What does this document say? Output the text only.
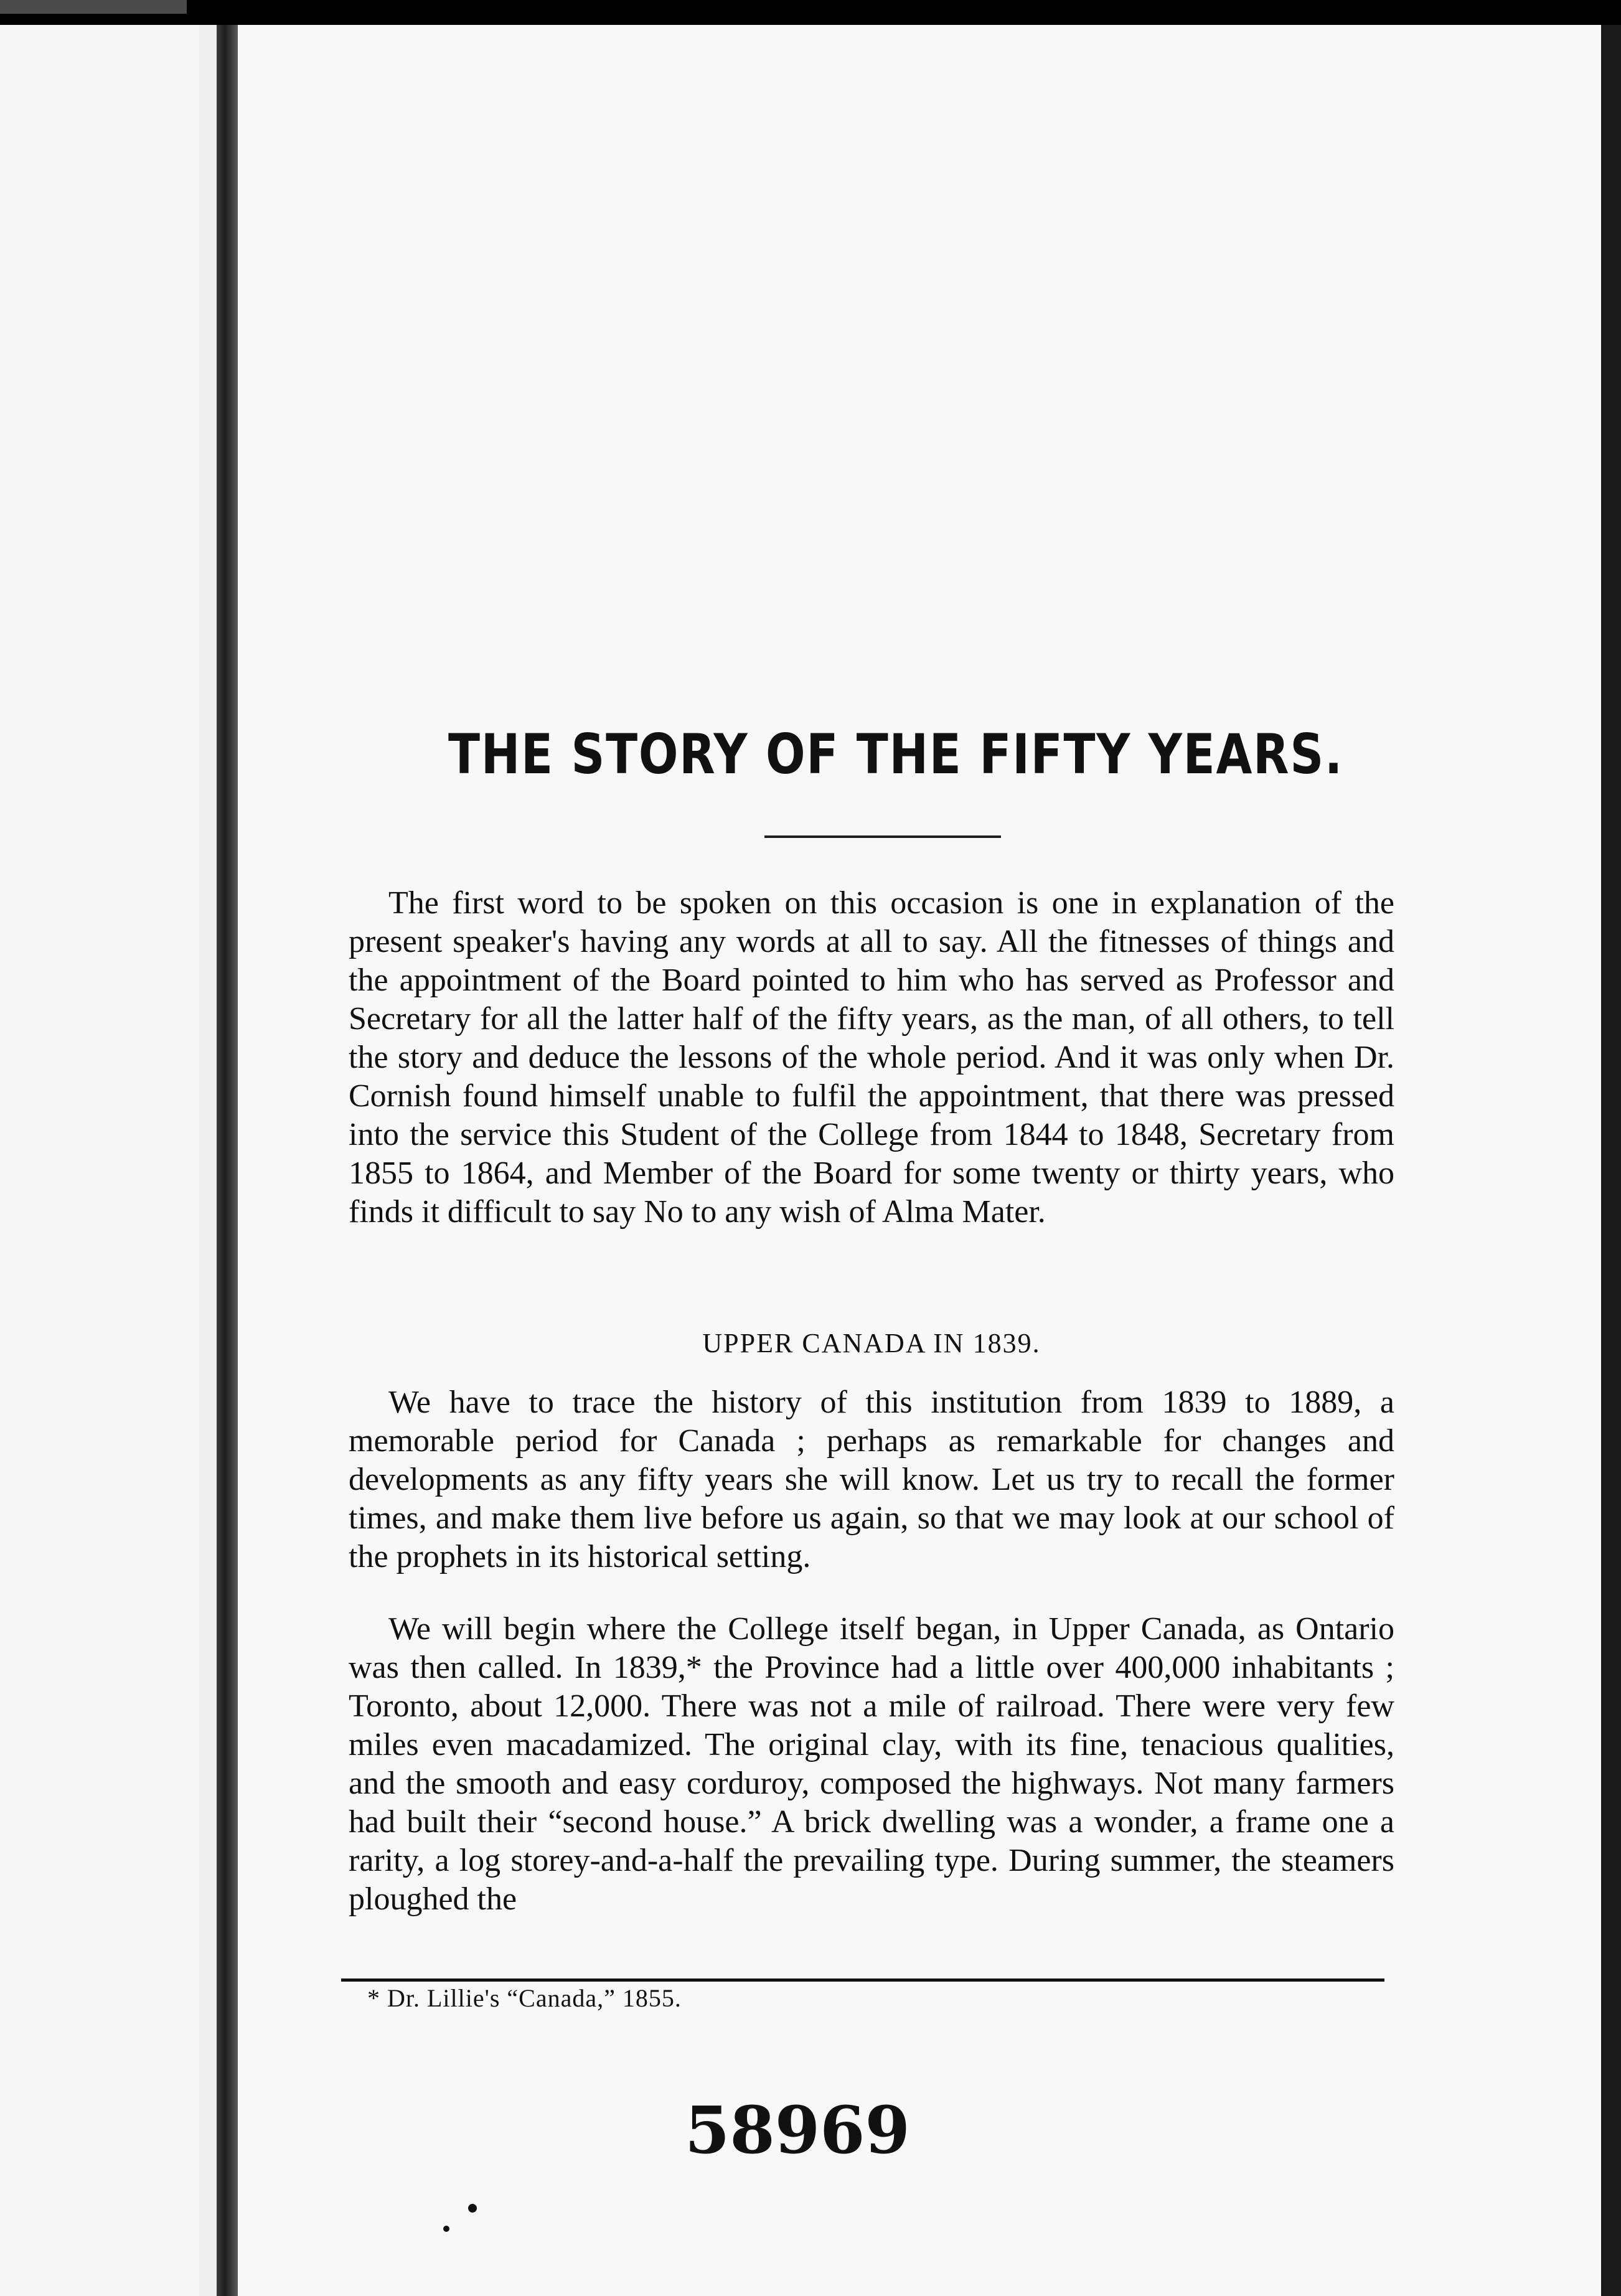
THE STORY OF THE FIFTY YEARS.

The first word to be spoken on this occasion is one in explanation of the present speaker's having any words at all to say. All the fitnesses of things and the appointment of the Board pointed to him who has served as Professor and Secretary for all the latter half of the fifty years, as the man, of all others, to tell the story and deduce the lessons of the whole period. And it was only when Dr. Cornish found himself unable to fulfil the appointment, that there was pressed into the service this Student of the College from 1844 to 1848, Secretary from 1855 to 1864, and Member of the Board for some twenty or thirty years, who finds it difficult to say No to any wish of Alma Mater.

UPPER CANADA IN 1839.

We have to trace the history of this institution from 1839 to 1889, a memorable period for Canada ; perhaps as remarkable for changes and developments as any fifty years she will know. Let us try to recall the former times, and make them live before us again, so that we may look at our school of the prophets in its historical setting.

We will begin where the College itself began, in Upper Canada, as Ontario was then called. In 1839,* the Province had a little over 400,000 inhabitants ; Toronto, about 12,000. There was not a mile of railroad. There were very few miles even macadamized. The original clay, with its fine, tenacious qualities, and the smooth and easy corduroy, composed the highways. Not many farmers had built their “second house.” A brick dwelling was a wonder, a frame one a rarity, a log storey-and-a-half the prevailing type. During summer, the steamers ploughed the

* Dr. Lillie's “Canada,” 1855.
58969
